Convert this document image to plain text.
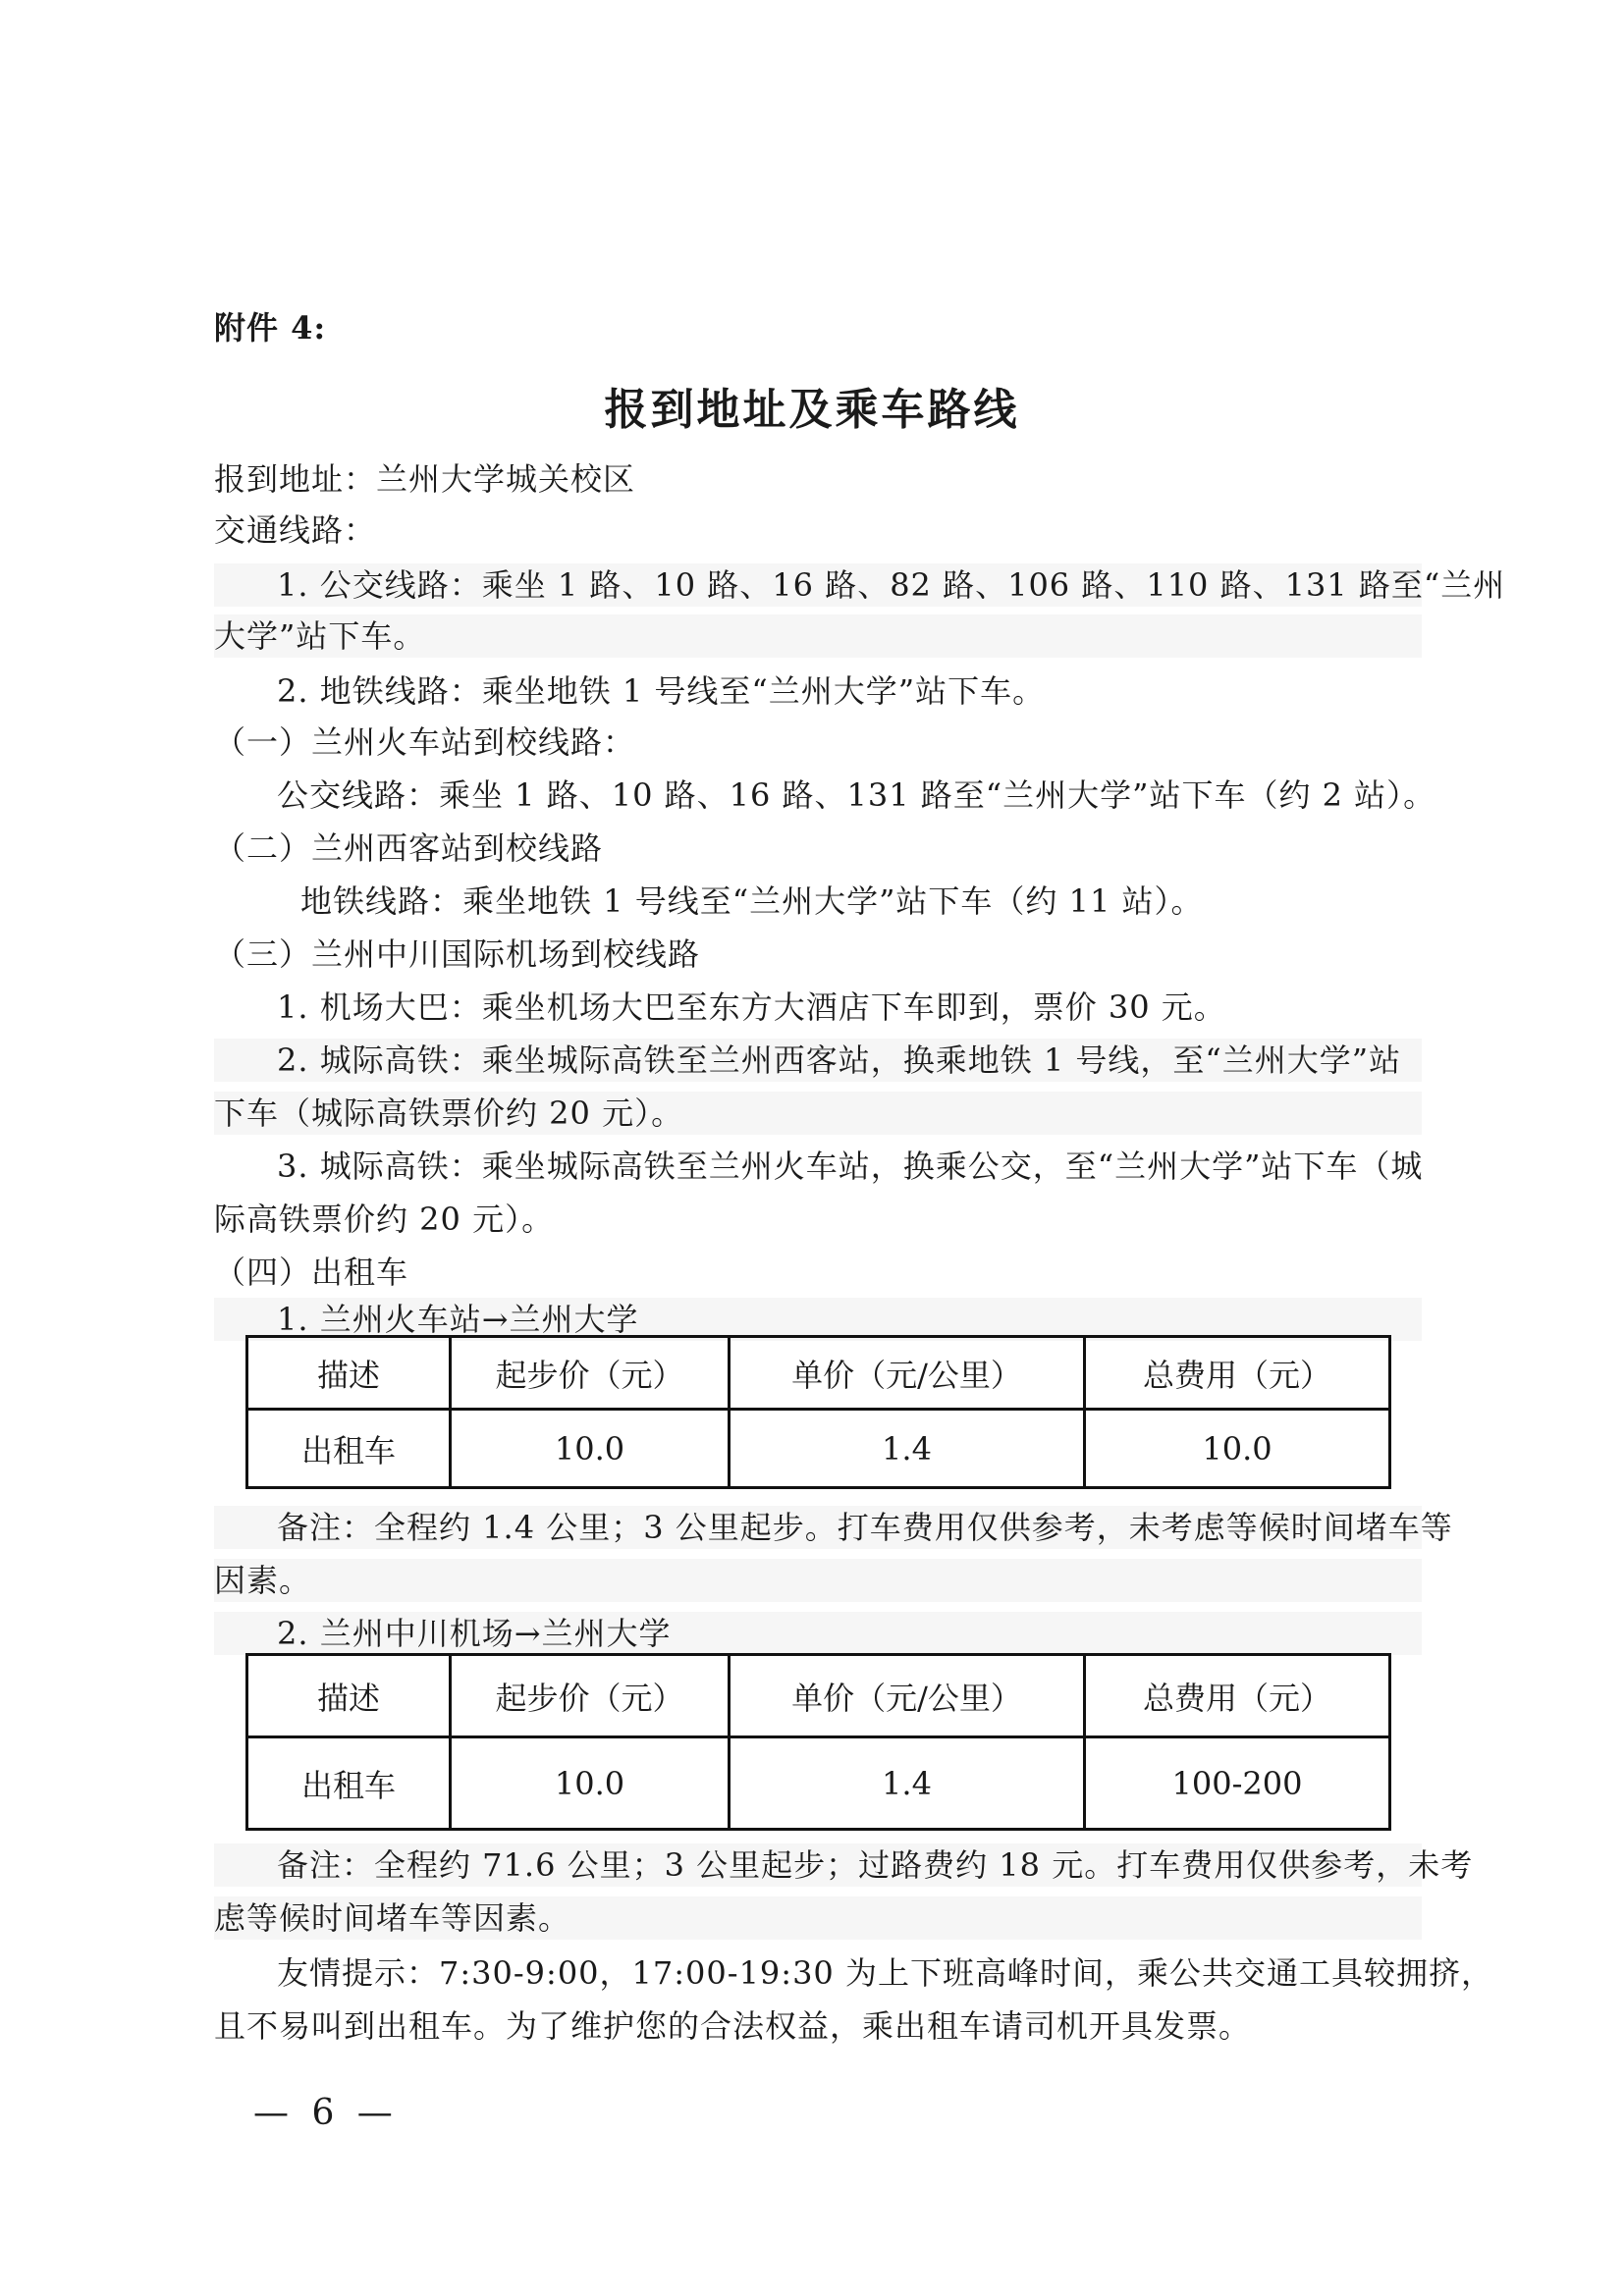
附件 4:
报到地址及乘车路线
报到地址：兰州大学城关校区
交通线路：
1. 公交线路：乘坐 1 路、10 路、16 路、82 路、106 路、110 路、131 路至“兰州
大学”站下车。
2. 地铁线路：乘坐地铁 1 号线至“兰州大学”站下车。
（一）兰州火车站到校线路：
公交线路：乘坐 1 路、10 路、16 路、131 路至“兰州大学”站下车（约 2 站）。
（二）兰州西客站到校线路
地铁线路：乘坐地铁 1 号线至“兰州大学”站下车（约 11 站）。
（三）兰州中川国际机场到校线路
1. 机场大巴：乘坐机场大巴至东方大酒店下车即到，票价 30 元。
2. 城际高铁：乘坐城际高铁至兰州西客站，换乘地铁 1 号线，至“兰州大学”站
下车（城际高铁票价约 20 元）。
3. 城际高铁：乘坐城际高铁至兰州火车站，换乘公交，至“兰州大学”站下车（城
际高铁票价约 20 元）。
（四）出租车
1. 兰州火车站→兰州大学
描述	起步价（元）	单价（元/公里）	总费用（元）
出租车	10.0	1.4	10.0
备注：全程约 1.4 公里；3 公里起步。打车费用仅供参考，未考虑等候时间堵车等
因素。
2. 兰州中川机场→兰州大学
描述	起步价（元）	单价（元/公里）	总费用（元）
出租车	10.0	1.4	100-200
备注：全程约 71.6 公里；3 公里起步；过路费约 18 元。打车费用仅供参考，未考
虑等候时间堵车等因素。
友情提示：7:30-9:00，17:00-19:30 为上下班高峰时间，乘公共交通工具较拥挤，
且不易叫到出租车。为了维护您的合法权益，乘出租车请司机开具发票。
— 6 —
